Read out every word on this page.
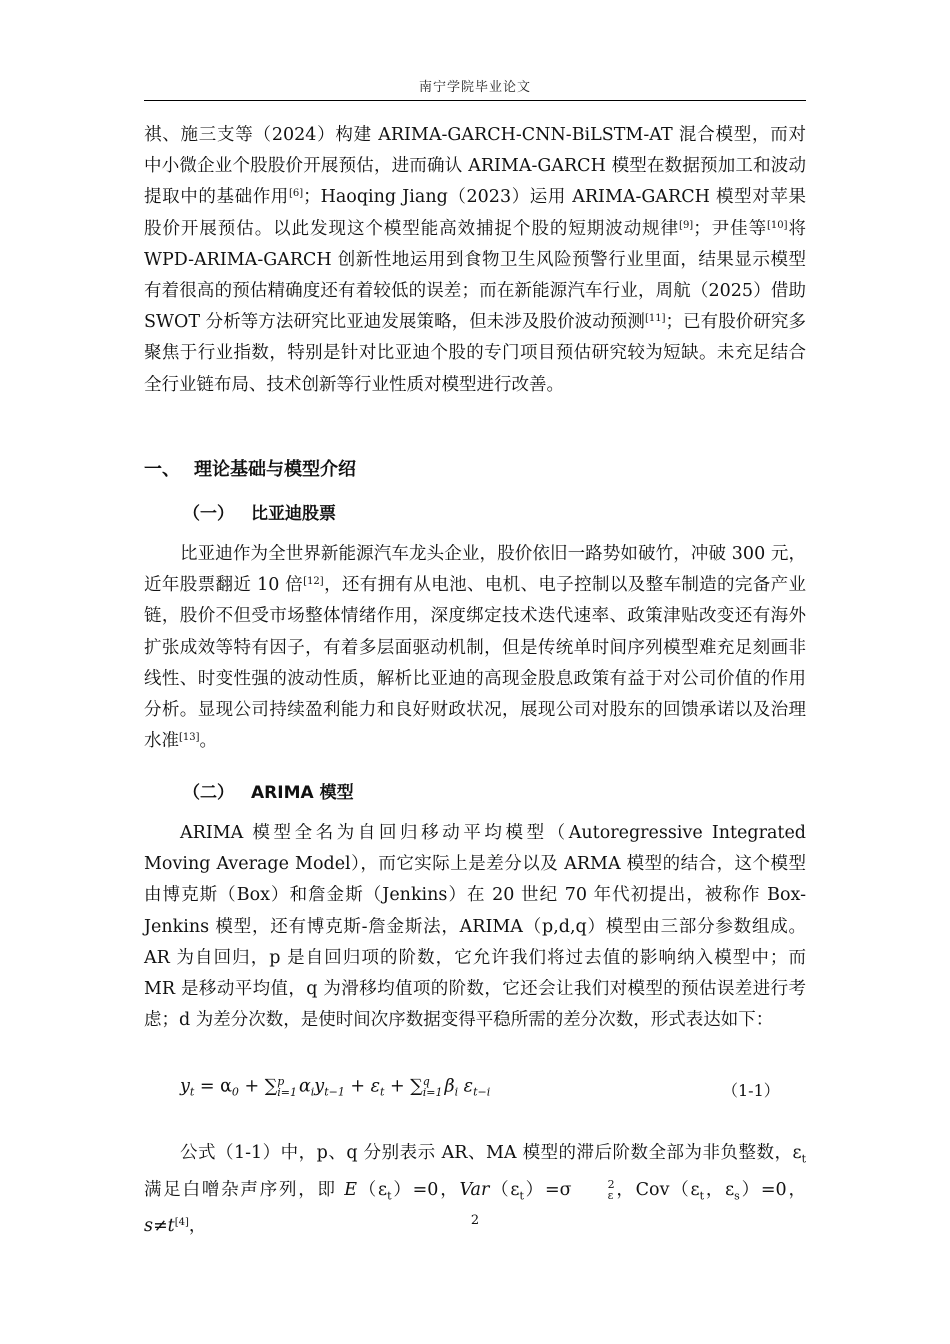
南宁学院毕业论文
祺、施三支等（2024）构建 ARIMA-GARCH-CNN-BiLSTM-AT 混合模型，而对中小微企业个股股价开展预估，进而确认 ARIMA-GARCH 模型在数据预加工和波动提取中的基础作用[6]；Haoqing Jiang（2023）运用 ARIMA-GARCH 模型对苹果股价开展预估。以此发现这个模型能高效捕捉个股的短期波动规律[9]；尹佳等[10]将 WPD-ARIMA-GARCH 创新性地运用到食物卫生风险预警行业里面，结果显示模型有着很高的预估精确度还有着较低的误差；而在新能源汽车行业，周航（2025）借助 SWOT 分析等方法研究比亚迪发展策略，但未涉及股价波动预测[11]；已有股价研究多聚焦于行业指数，特别是针对比亚迪个股的专门项目预估研究较为短缺。未充足结合全行业链布局、技术创新等行业性质对模型进行改善。
一、 理论基础与模型介绍
（一） 比亚迪股票
比亚迪作为全世界新能源汽车龙头企业，股价依旧一路势如破竹，冲破 300 元，近年股票翻近 10 倍[12]，还有拥有从电池、电机、电子控制以及整车制造的完备产业链，股价不但受市场整体情绪作用，深度绑定技术迭代速率、政策津贴改变还有海外扩张成效等特有因子，有着多层面驱动机制，但是传统单时间序列模型难充足刻画非线性、时变性强的波动性质，解析比亚迪的高现金股息政策有益于对公司价值的作用分析。显现公司持续盈利能力和良好财政状况，展现公司对股东的回馈承诺以及治理水准[13]。
（二） ARIMA 模型
ARIMA 模型全名为自回归移动平均模型（Autoregressive Integrated Moving Average Model），而它实际上是差分以及 ARMA 模型的结合，这个模型由博克斯（Box）和詹金斯（Jenkins）在 20 世纪 70 年代初提出，被称作 Box-Jenkins 模型，还有博克斯-詹金斯法，ARIMA（p,d,q）模型由三部分参数组成。AR 为自回归，p 是自回归项的阶数，它允许我们将过去值的影响纳入模型中；而 MR 是移动平均值，q 为滑移均值项的阶数，它还会让我们对模型的预估误差进行考虑；d 为差分次数，是使时间次序数据变得平稳所需的差分次数，形式表达如下：
$y_t = \alpha_0$ + ∑ p
i=1 $\alpha_iy_{t-1} + \varepsilon_t$ + ∑ q
i=1 $\beta_i$ $\varepsilon_{t-i}$	（1-1）
公式（1-1）中，p、q 分别表示 AR、MA 模型的滞后阶数全部为非负整数，$\varepsilon_t$满足白噌杂声序列，即 $E(\varepsilon_t)=0$，$Var(\varepsilon_t)=\sigma$	2
ε ，$Cov(\varepsilon_t$，$\varepsilon_s)=0$，s≠t[4]，	2
